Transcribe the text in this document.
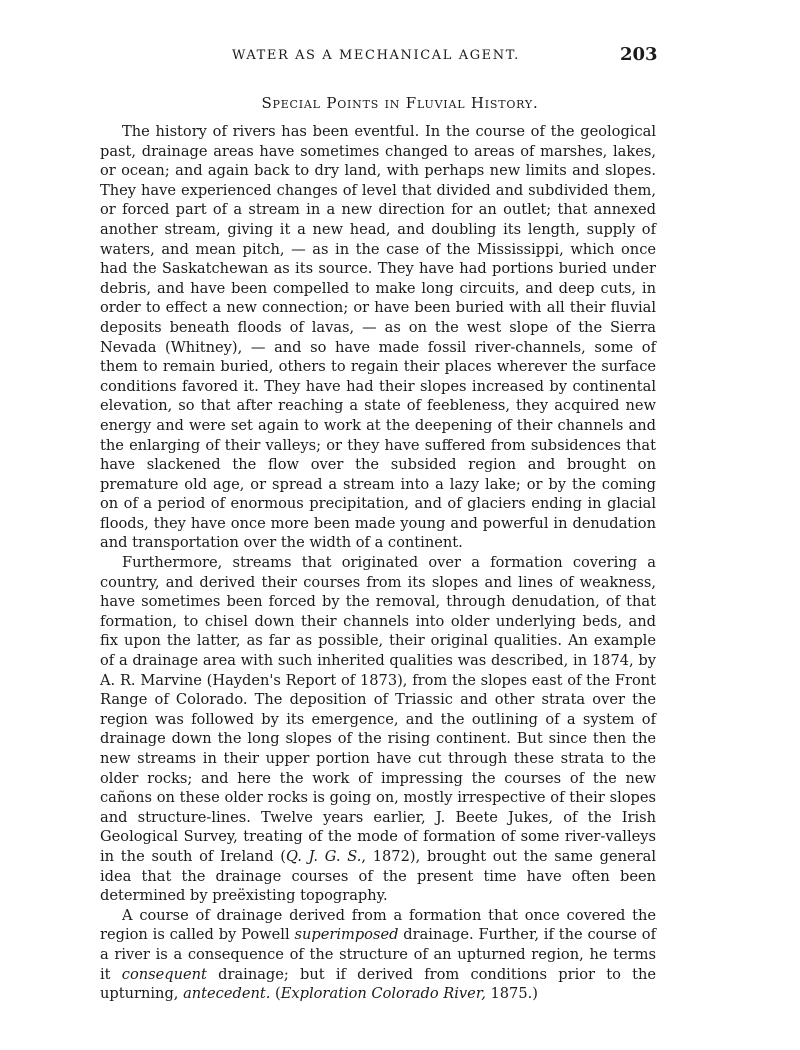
WATER AS A MECHANICAL AGENT.	203
Special Points in Fluvial History.

The history of rivers has been eventful. In the course of the geological past, drainage areas have sometimes changed to areas of marshes, lakes, or ocean; and again back to dry land, with perhaps new limits and slopes. They have experienced changes of level that divided and subdivided them, or forced part of a stream in a new direction for an outlet; that annexed another stream, giving it a new head, and doubling its length, supply of waters, and mean pitch, — as in the case of the Mississippi, which once had the Saskatchewan as its source. They have had portions buried under debris, and have been compelled to make long circuits, and deep cuts, in order to effect a new connection; or have been buried with all their fluvial deposits beneath floods of lavas, — as on the west slope of the Sierra Nevada (Whitney), — and so have made fossil river-channels, some of them to remain buried, others to regain their places wherever the surface conditions favored it. They have had their slopes increased by continental elevation, so that after reaching a state of feebleness, they acquired new energy and were set again to work at the deepening of their channels and the enlarging of their valleys; or they have suffered from subsidences that have slackened the flow over the subsided region and brought on premature old age, or spread a stream into a lazy lake; or by the coming on of a period of enormous precipitation, and of glaciers ending in glacial floods, they have once more been made young and powerful in denudation and transportation over the width of a continent.

Furthermore, streams that originated over a formation covering a country, and derived their courses from its slopes and lines of weakness, have sometimes been forced by the removal, through denudation, of that formation, to chisel down their channels into older underlying beds, and fix upon the latter, as far as possible, their original qualities. An example of a drainage area with such inherited qualities was described, in 1874, by A. R. Marvine (Hayden's Report of 1873), from the slopes east of the Front Range of Colorado. The deposition of Triassic and other strata over the region was followed by its emergence, and the outlining of a system of drainage down the long slopes of the rising continent. But since then the new streams in their upper portion have cut through these strata to the older rocks; and here the work of impressing the courses of the new cañons on these older rocks is going on, mostly irrespective of their slopes and structure-lines. Twelve years earlier, J. Beete Jukes, of the Irish Geological Survey, treating of the mode of formation of some river-valleys in the south of Ireland (Q. J. G. S., 1872), brought out the same general idea that the drainage courses of the present time have often been determined by preëxisting topography.

A course of drainage derived from a formation that once covered the region is called by Powell superimposed drainage. Further, if the course of a river is a consequence of the structure of an upturned region, he terms it consequent drainage; but if derived from conditions prior to the upturning, antecedent. (Exploration Colorado River, 1875.)
